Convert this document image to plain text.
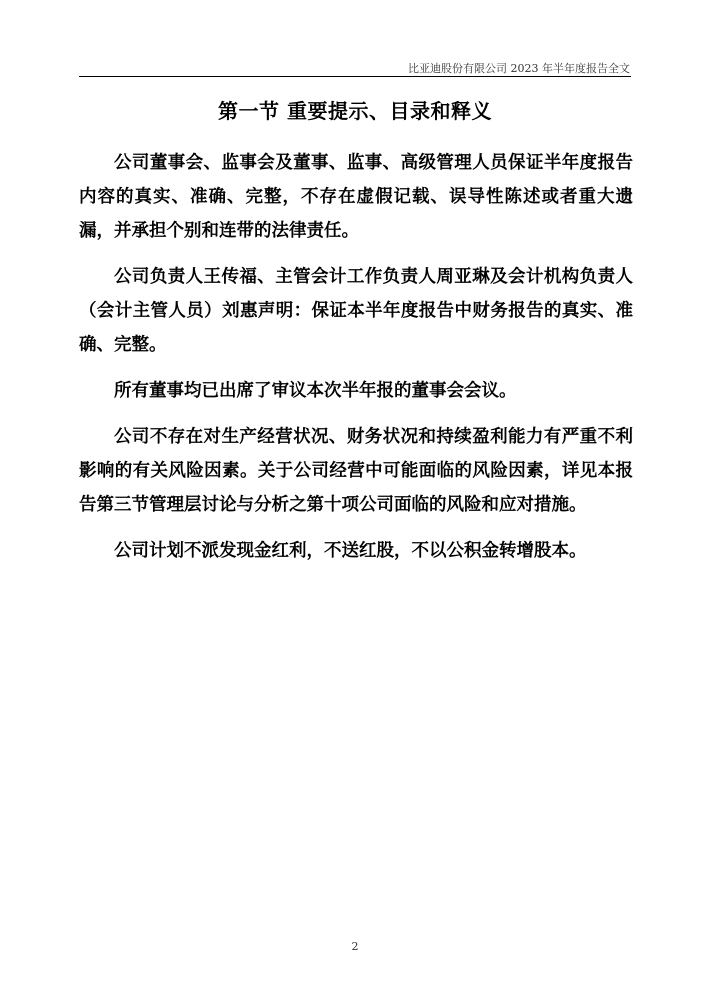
比亚迪股份有限公司 2023 年半年度报告全文
第一节 重要提示、目录和释义

公司董事会、监事会及董事、监事、高级管理人员保证半年度报告内容的真实、准确、完整，不存在虚假记载、误导性陈述或者重大遗漏，并承担个别和连带的法律责任。

公司负责人王传福、主管会计工作负责人周亚琳及会计机构负责人（会计主管人员）刘惠声明：保证本半年度报告中财务报告的真实、准确、完整。

所有董事均已出席了审议本次半年报的董事会会议。

公司不存在对生产经营状况、财务状况和持续盈利能力有严重不利影响的有关风险因素。关于公司经营中可能面临的风险因素，详见本报告第三节管理层讨论与分析之第十项公司面临的风险和应对措施。

公司计划不派发现金红利，不送红股，不以公积金转增股本。

2
